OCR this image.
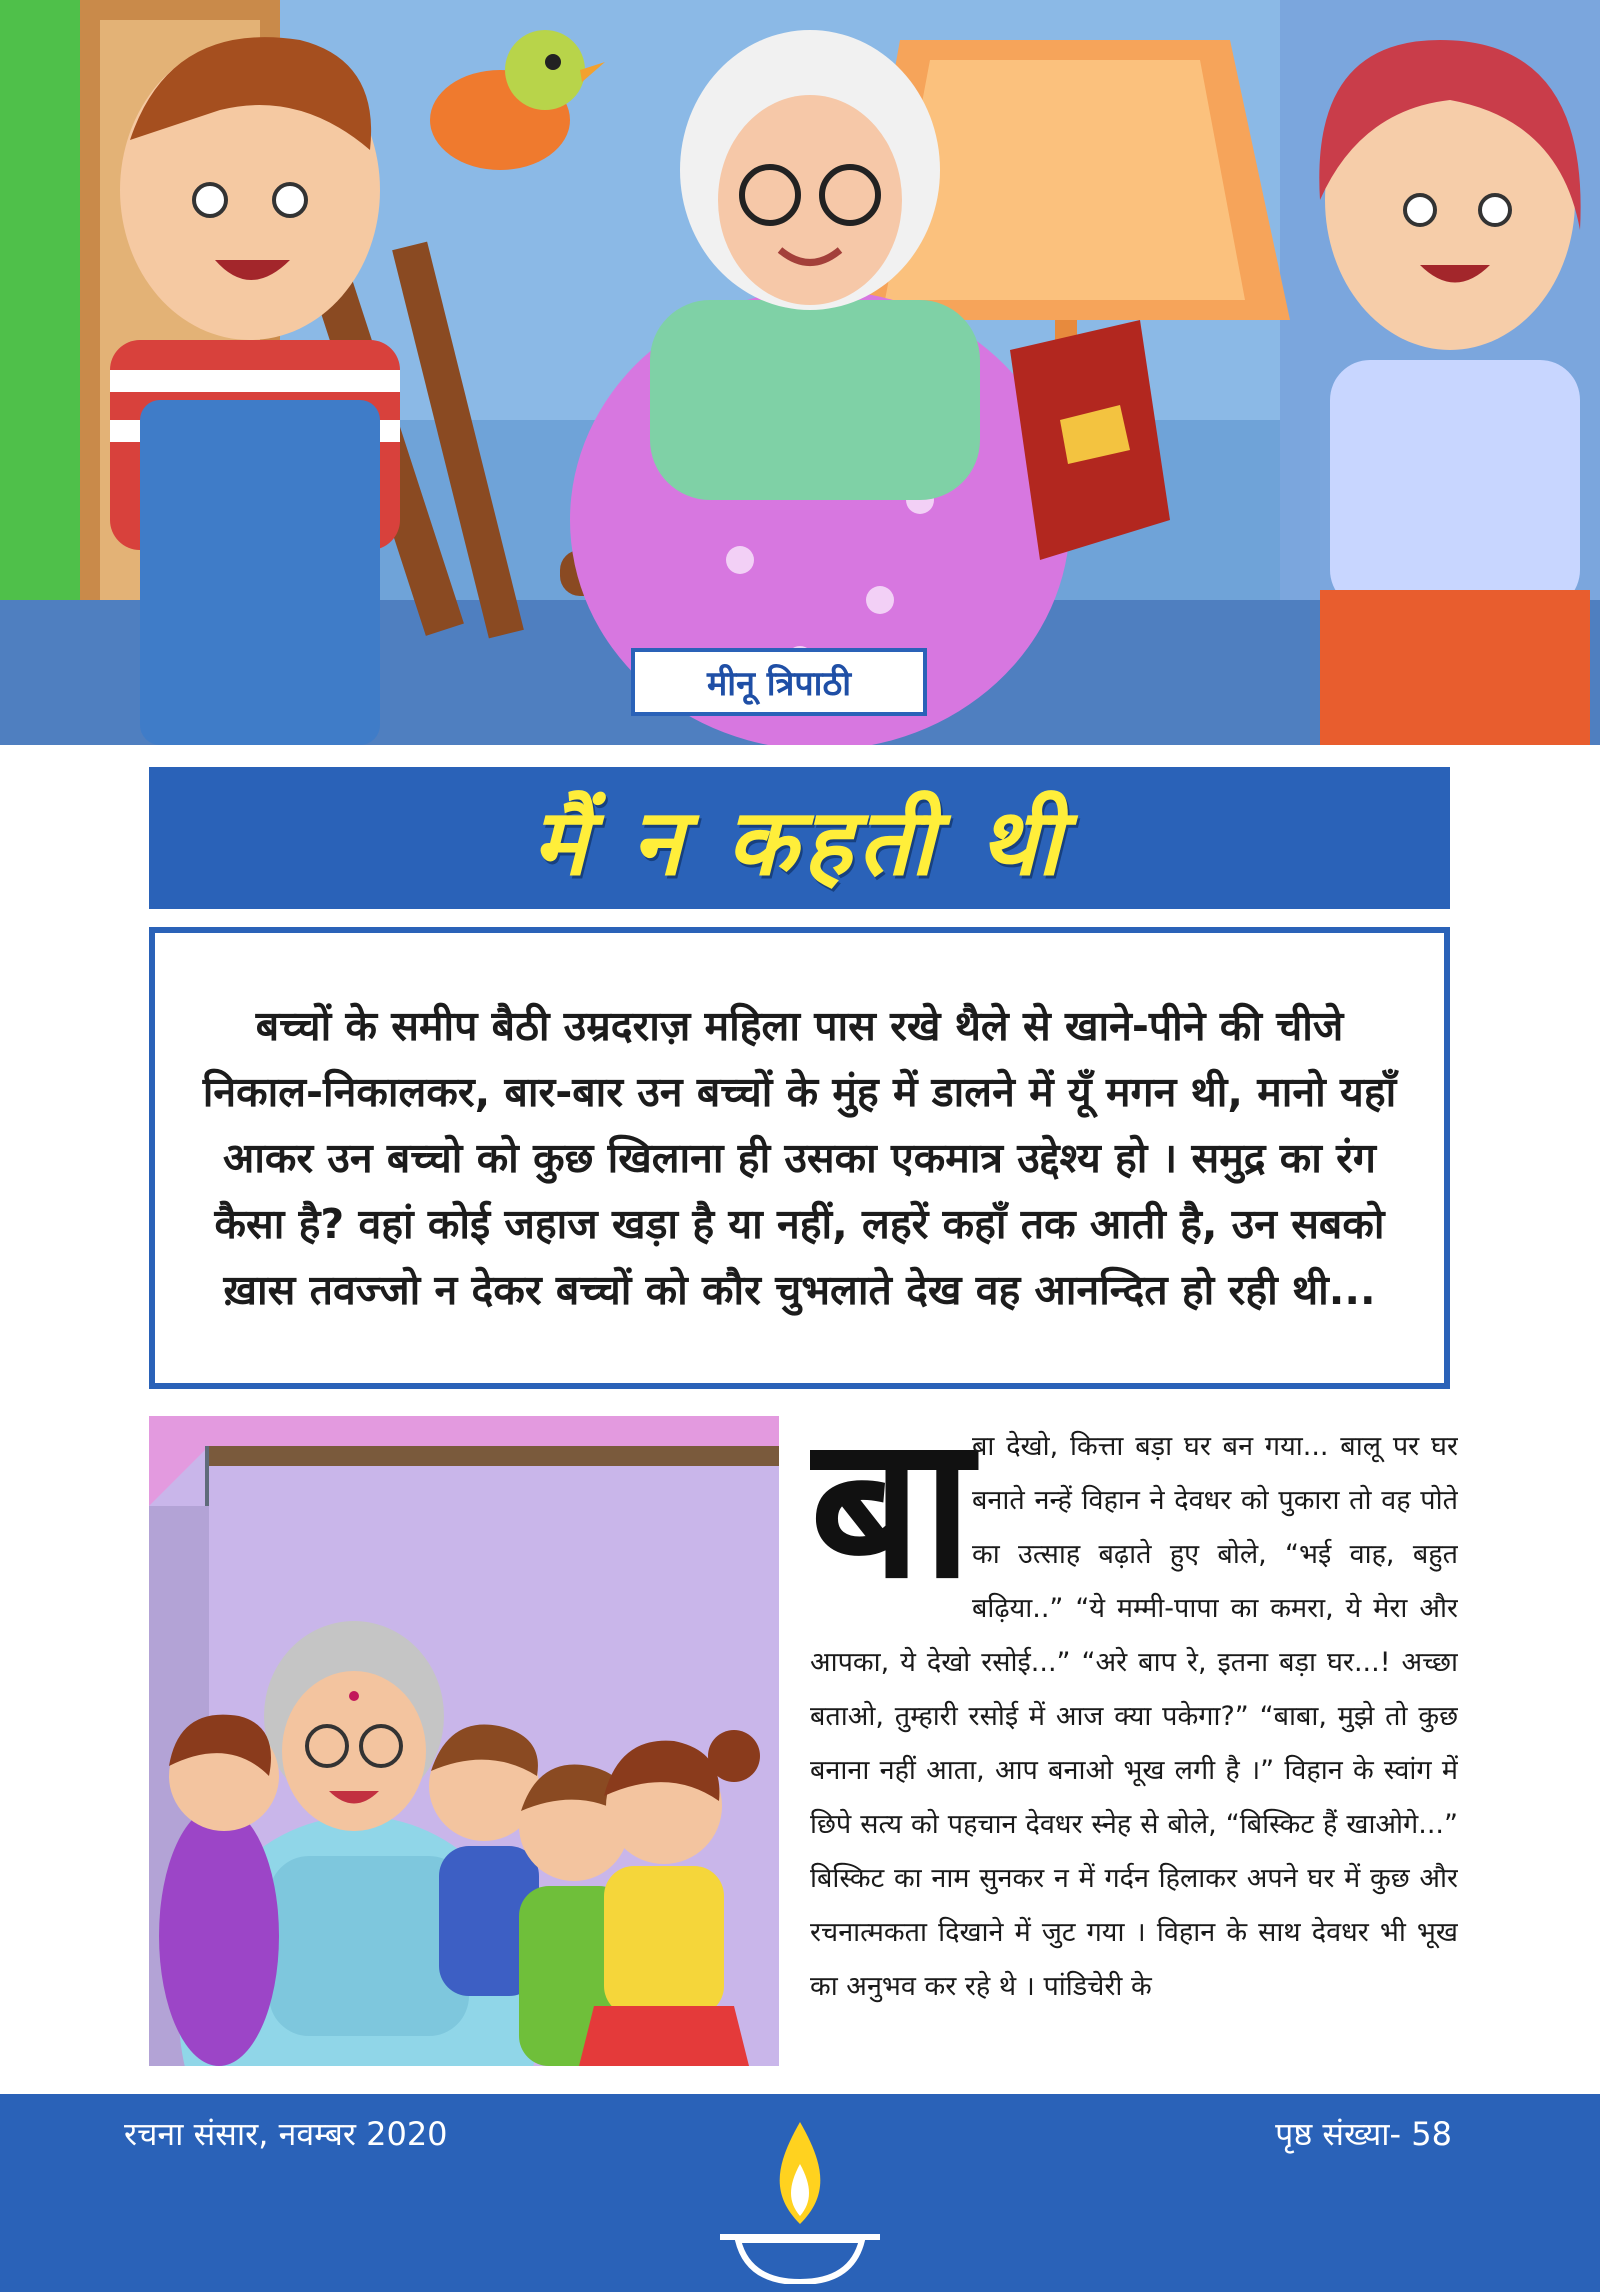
मीनू त्रिपाठी
मैं न कहती थी

बच्चों के समीप बैठी उम्रदराज़ महिला पास रखे थैले से खाने-पीने की चीजे निकाल-निकालकर, बार-बार उन बच्चों के मुंह में डालने में यूँ मगन थी, मानो यहाँ आकर उन बच्चो को कुछ खिलाना ही उसका एकमात्र उद्देश्य हो । समुद्र का रंग कैसा है? वहां कोई जहाज खड़ा है या नहीं, लहरें कहाँ तक आती है, उन सबको ख़ास तवज्जो न देकर बच्चों को कौर चुभलाते देख वह आनन्दित हो रही थी...

बा बा देखो, कित्ता बड़ा घर बन गया... बालू पर घर बनाते नन्हें विहान ने देवधर को पुकारा तो वह पोते का उत्साह बढ़ाते हुए बोले, “भई वाह, बहुत बढ़िया..” “ये मम्मी-पापा का कमरा, ये मेरा और आपका, ये देखो रसोई...” “अरे बाप रे, इतना बड़ा घर...! अच्छा बताओ, तुम्हारी रसोई में आज क्या पकेगा?” “बाबा, मुझे तो कुछ बनाना नहीं आता, आप बनाओ भूख लगी है ।” विहान के स्वांग में छिपे सत्य को पहचान देवधर स्नेह से बोले, “बिस्किट हैं खाओगे...” बिस्किट का नाम सुनकर न में गर्दन हिलाकर अपने घर में कुछ और रचनात्मकता दिखाने में जुट गया । विहान के साथ देवधर भी भूख का अनुभव कर रहे थे । पांडिचेरी के

रचना संसार, नवम्बर 2020	पृष्ठ संख्या- 58
